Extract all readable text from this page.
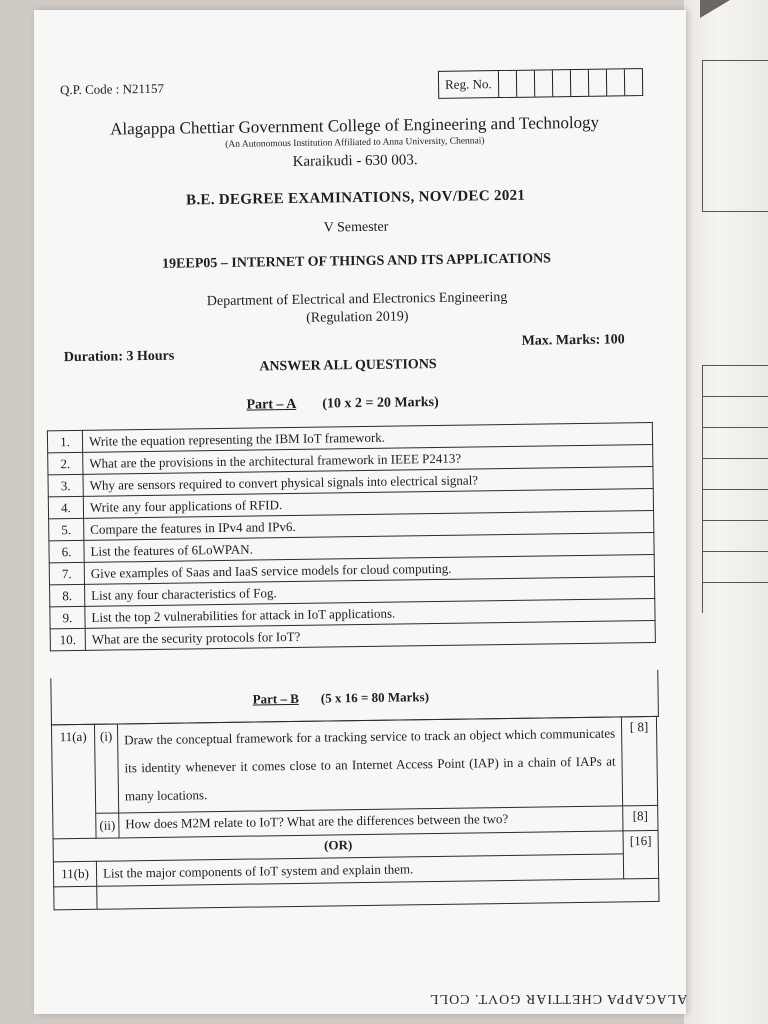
Q.P. Code : N21157	Reg. No.
Alagappa Chettiar Government College of Engineering and Technology
(An Autonomous Institution Affiliated to Anna University, Chennai)
Karaikudi - 630 003.
B.E. DEGREE EXAMINATIONS, NOV/DEC 2021
V Semester
19EEP05 – INTERNET OF THINGS AND ITS APPLICATIONS
Department of Electrical and Electronics Engineering
(Regulation 2019)
Duration: 3 Hours
Max. Marks: 100
ANSWER ALL QUESTIONS
Part – A (10 x 2 = 20 Marks)
1.	Write the equation representing the IBM IoT framework.
2.	What are the provisions in the architectural framework in IEEE P2413?
3.	Why are sensors required to convert physical signals into electrical signal?
4.	Write any four applications of RFID.
5.	Compare the features in IPv4 and IPv6.
6.	List the features of 6LoWPAN.
7.	Give examples of Saas and IaaS service models for cloud computing.
8.	List any four characteristics of Fog.
9.	List the top 2 vulnerabilities for attack in IoT applications.
10.	What are the security protocols for IoT?
Part – B (5 x 16 = 80 Marks)
11(a)	(i)	Draw the conceptual framework for a tracking service to track an object which communicates its identity whenever it comes close to an Internet Access Point (IAP) in a chain of IAPs at many locations.	[ 8]
	(ii)	How does M2M relate to IoT? What are the differences between the two?	[8]
(OR)			[16]
11(b)	List the major components of IoT system and explain them.		

ALAGAPPA CHETTIAR GOVT. COLL
